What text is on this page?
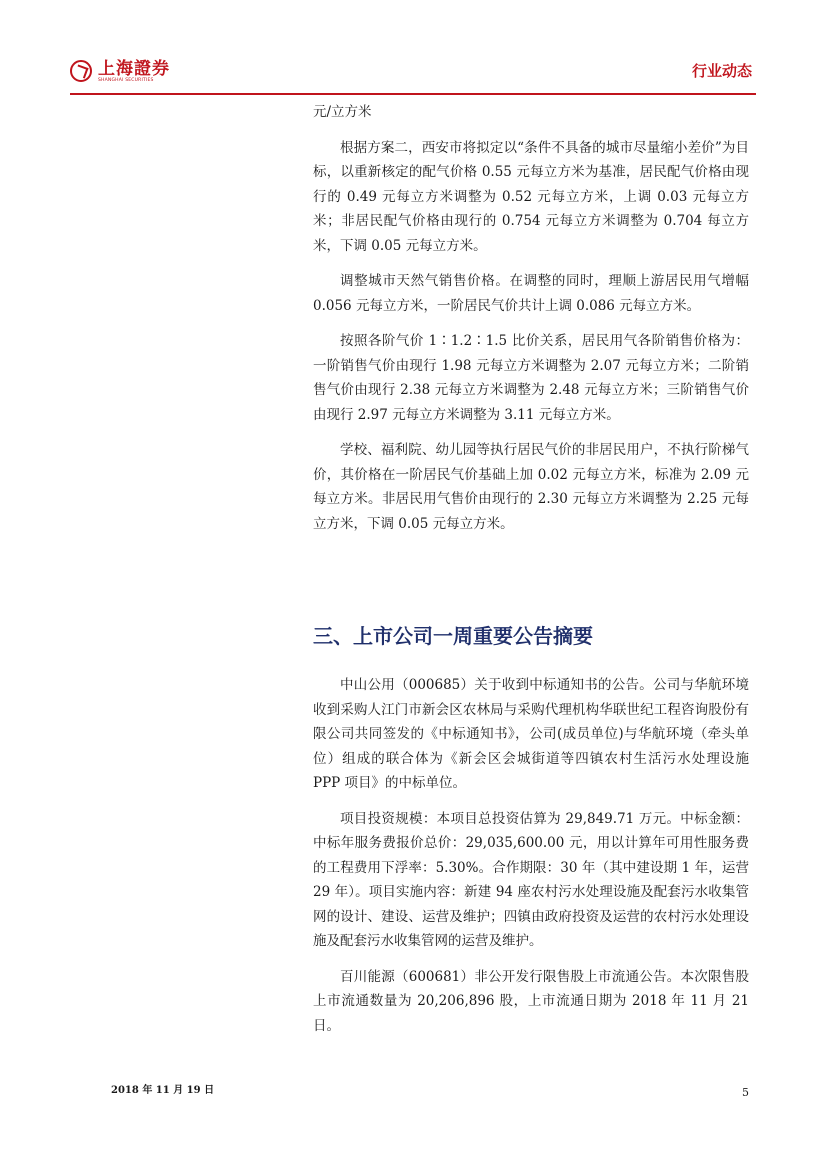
上海證券
SHANGHAI SECURITIES
行业动态

元/立方米

根据方案二，西安市将拟定以“条件不具备的城市尽量缩小差价”为目标，以重新核定的配气价格 0.55 元每立方米为基准，居民配气价格由现行的 0.49 元每立方米调整为 0.52 元每立方米，上调 0.03 元每立方米；非居民配气价格由现行的 0.754 元每立方米调整为 0.704 每立方米，下调 0.05 元每立方米。

调整城市天然气销售价格。在调整的同时，理顺上游居民用气增幅 0.056 元每立方米，一阶居民气价共计上调 0.086 元每立方米。

按照各阶气价 1∶1.2∶1.5 比价关系，居民用气各阶销售价格为：一阶销售气价由现行 1.98 元每立方米调整为 2.07 元每立方米；二阶销售气价由现行 2.38 元每立方米调整为 2.48 元每立方米；三阶销售气价由现行 2.97 元每立方米调整为 3.11 元每立方米。

学校、福利院、幼儿园等执行居民气价的非居民用户，不执行阶梯气价，其价格在一阶居民气价基础上加 0.02 元每立方米，标准为 2.09 元每立方米。非居民用气售价由现行的 2.30 元每立方米调整为 2.25 元每立方米，下调 0.05 元每立方米。

三、上市公司一周重要公告摘要

中山公用（000685）关于收到中标通知书的公告。公司与华航环境收到采购人江门市新会区农林局与采购代理机构华联世纪工程咨询股份有限公司共同签发的《中标通知书》，公司(成员单位)与华航环境（牵头单位）组成的联合体为《新会区会城街道等四镇农村生活污水处理设施 PPP 项目》的中标单位。

项目投资规模：本项目总投资估算为 29,849.71 万元。中标金额：中标年服务费报价总价：29,035,600.00 元，用以计算年可用性服务费的工程费用下浮率：5.30%。合作期限：30 年（其中建设期 1 年，运营 29 年）。项目实施内容：新建 94 座农村污水处理设施及配套污水收集管网的设计、建设、运营及维护；四镇由政府投资及运营的农村污水处理设施及配套污水收集管网的运营及维护。

百川能源（600681）非公开发行限售股上市流通公告。本次限售股上市流通数量为 20,206,896 股，上市流通日期为 2018 年 11 月 21 日。

2018 年 11 月 19 日	5
